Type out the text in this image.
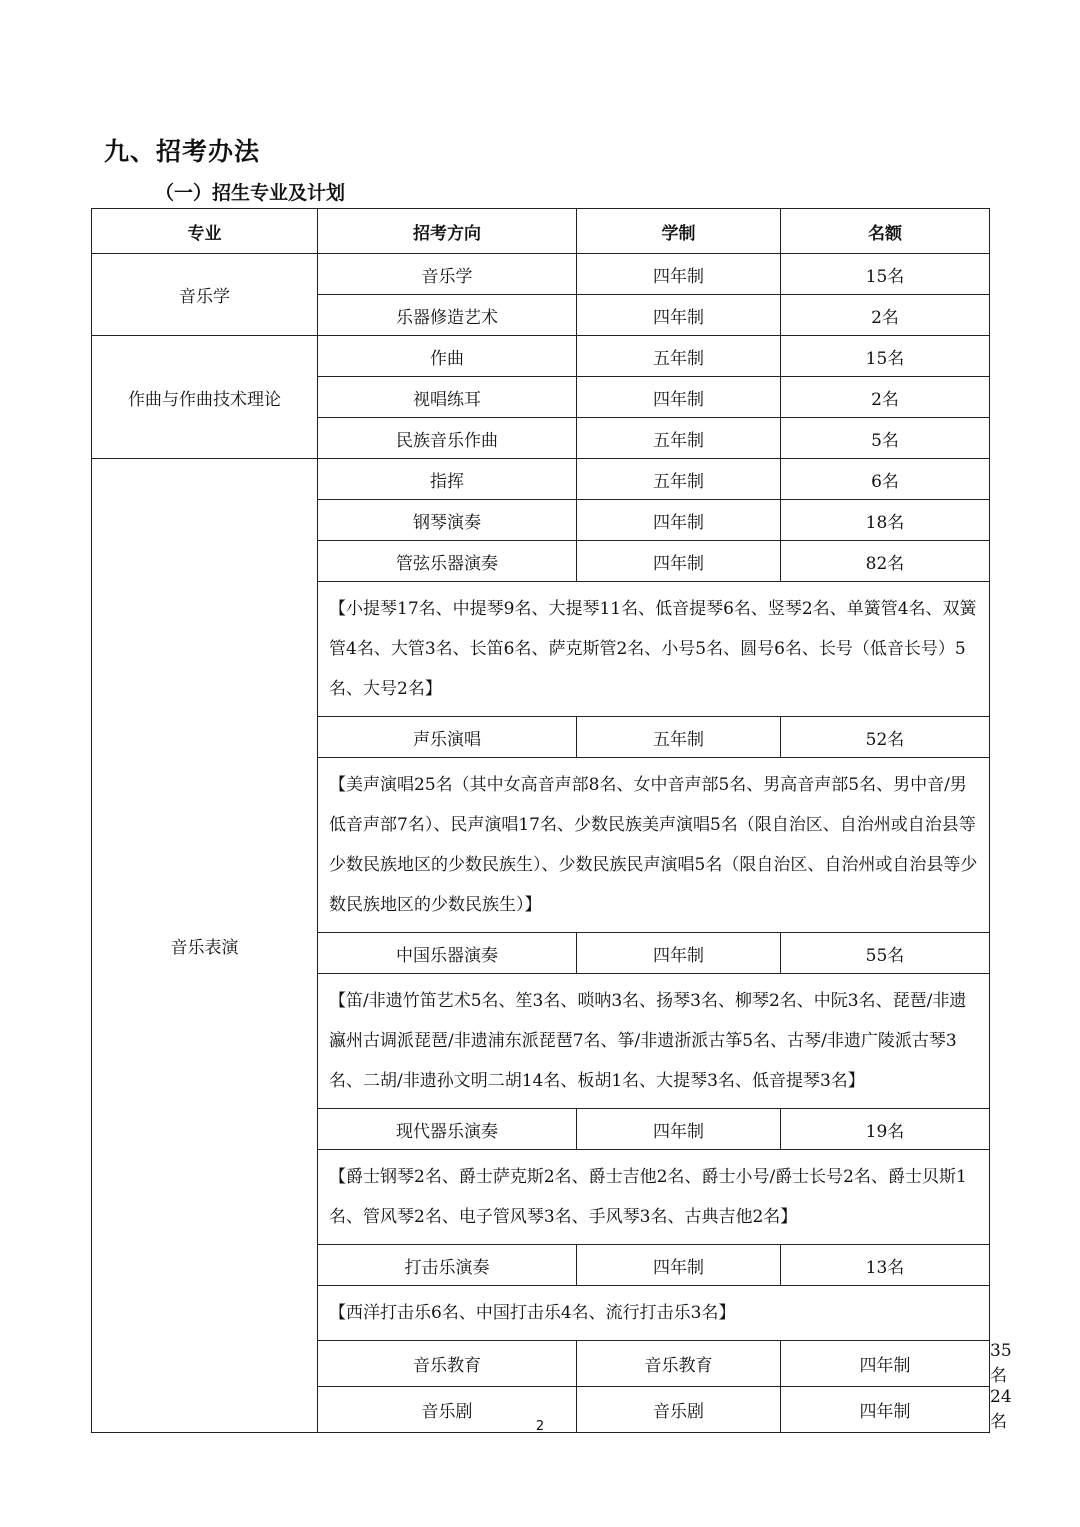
九、招考办法
（一）招生专业及计划
专业	招考方向	学制	名额	
音乐学	音乐学	四年制	15名	
	乐器修造艺术	四年制	2名	
作曲与作曲技术理论	作曲	五年制	15名	
	视唱练耳	四年制	2名	
	民族音乐作曲	五年制	5名	
音乐表演	指挥	五年制	6名	
	钢琴演奏	四年制	18名	
	管弦乐器演奏	四年制	82名	
	【小提琴17名、中提琴9名、大提琴11名、低音提琴6名、竖琴2名、单簧管4名、双簧管4名、大管3名、长笛6名、萨克斯管2名、小号5名、圆号6名、长号（低音长号）5名、大号2名】			
	声乐演唱	五年制	52名	
	【美声演唱25名（其中女高音声部8名、女中音声部5名、男高音声部5名、男中音/男低音声部7名）、民声演唱17名、少数民族美声演唱5名（限自治区、自治州或自治县等少数民族地区的少数民族生）、少数民族民声演唱5名（限自治区、自治州或自治县等少数民族地区的少数民族生）】			
	中国乐器演奏	四年制	55名	
	【笛/非遗竹笛艺术5名、笙3名、唢呐3名、扬琴3名、柳琴2名、中阮3名、琵琶/非遗瀛州古调派琵琶/非遗浦东派琵琶7名、筝/非遗浙派古筝5名、古琴/非遗广陵派古琴3名、二胡/非遗孙文明二胡14名、板胡1名、大提琴3名、低音提琴3名】			
	现代器乐演奏	四年制	19名	
	【爵士钢琴2名、爵士萨克斯2名、爵士吉他2名、爵士小号/爵士长号2名、爵士贝斯1名、管风琴2名、电子管风琴3名、手风琴3名、古典吉他2名】			
	打击乐演奏	四年制	13名	
	【西洋打击乐6名、中国打击乐4名、流行打击乐3名】			
	音乐教育	音乐教育	四年制	35名
	音乐剧	音乐剧	四年制	24名
2
